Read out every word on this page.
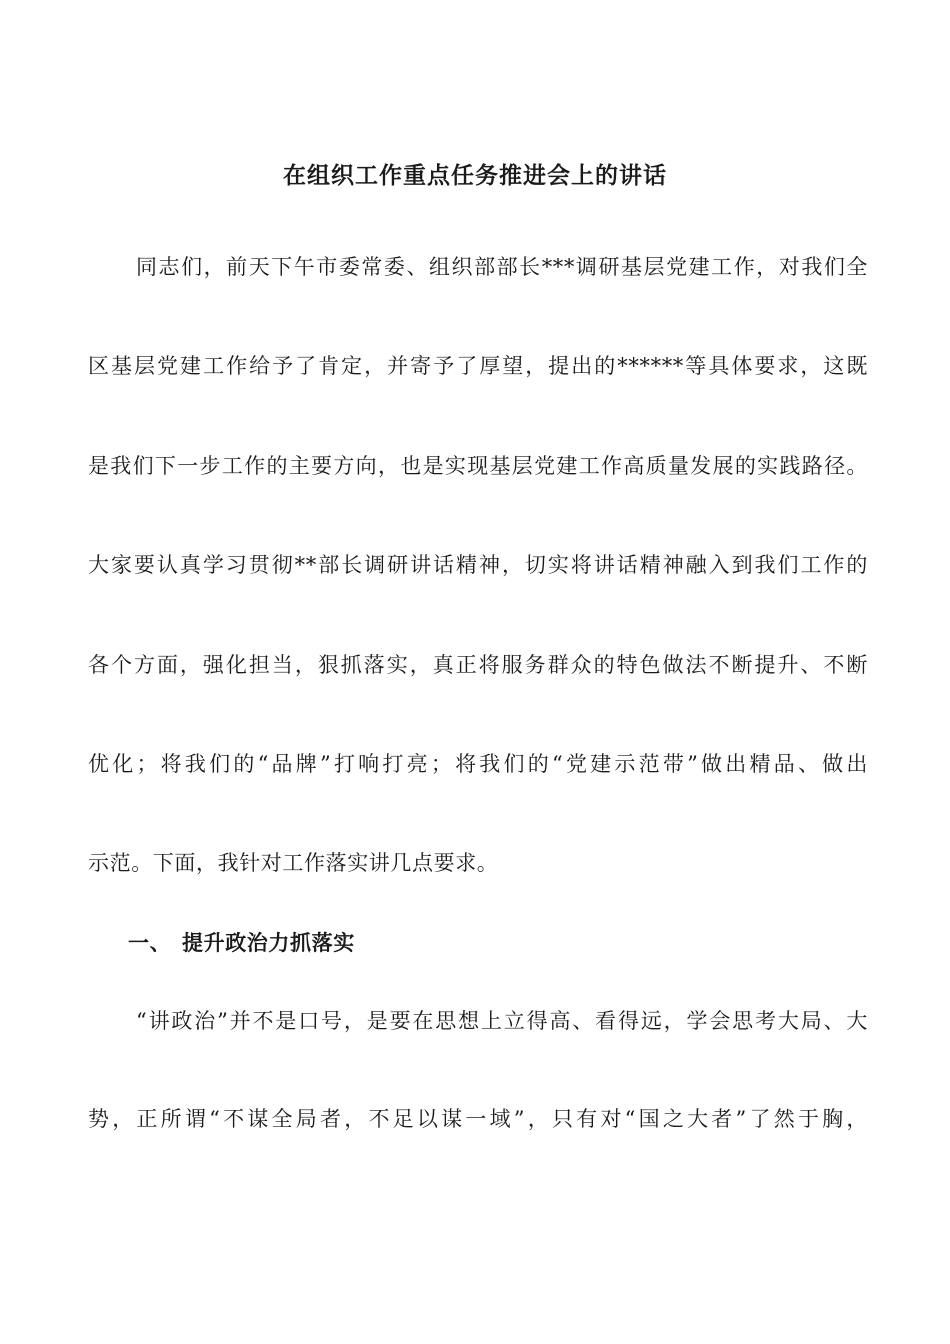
在组织工作重点任务推进会上的讲话
同志们，前天下午市委常委、组织部部长***调研基层党建工作，对我们全
区基层党建工作给予了肯定，并寄予了厚望，提出的******等具体要求，这既
是我们下一步工作的主要方向，也是实现基层党建工作高质量发展的实践路径。
大家要认真学习贯彻**部长调研讲话精神，切实将讲话精神融入到我们工作的
各个方面，强化担当，狠抓落实，真正将服务群众的特色做法不断提升、不断
优化；将我们的“品牌”打响打亮；将我们的“党建示范带”做出精品、做出
示范。下面，我针对工作落实讲几点要求。
一、 提升政治力抓落实
“讲政治”并不是口号，是要在思想上立得高、看得远，学会思考大局、大
势，正所谓“不谋全局者，不足以谋一域”，只有对“国之大者”了然于胸，
